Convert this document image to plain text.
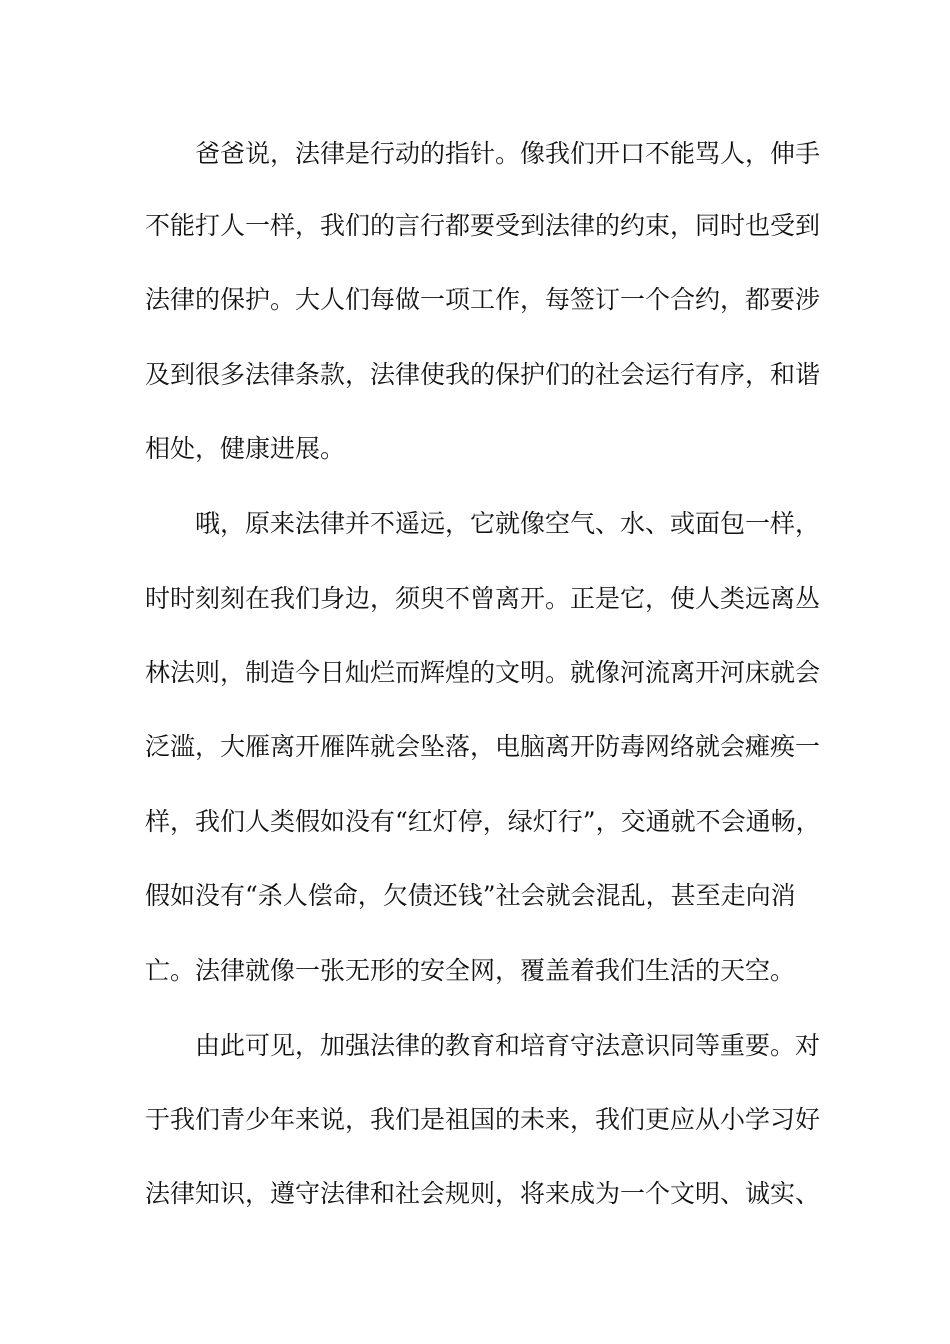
爸爸说，法律是行动的指针。像我们开口不能骂人，伸手
不能打人一样，我们的言行都要受到法律的约束，同时也受到
法律的保护。大人们每做一项工作，每签订一个合约，都要涉
及到很多法律条款，法律使我的保护们的社会运行有序，和谐
相处，健康进展。
哦，原来法律并不遥远，它就像空气、水、或面包一样，
时时刻刻在我们身边，须臾不曾离开。正是它，使人类远离丛
林法则，制造今日灿烂而辉煌的文明。就像河流离开河床就会
泛滥，大雁离开雁阵就会坠落，电脑离开防毒网络就会瘫痪一
样，我们人类假如没有“红灯停，绿灯行”，交通就不会通畅，
假如没有“杀人偿命，欠债还钱”社会就会混乱，甚至走向消
亡。法律就像一张无形的安全网，覆盖着我们生活的天空。
由此可见，加强法律的教育和培育守法意识同等重要。对
于我们青少年来说，我们是祖国的未来，我们更应从小学习好
法律知识，遵守法律和社会规则，将来成为一个文明、诚实、
